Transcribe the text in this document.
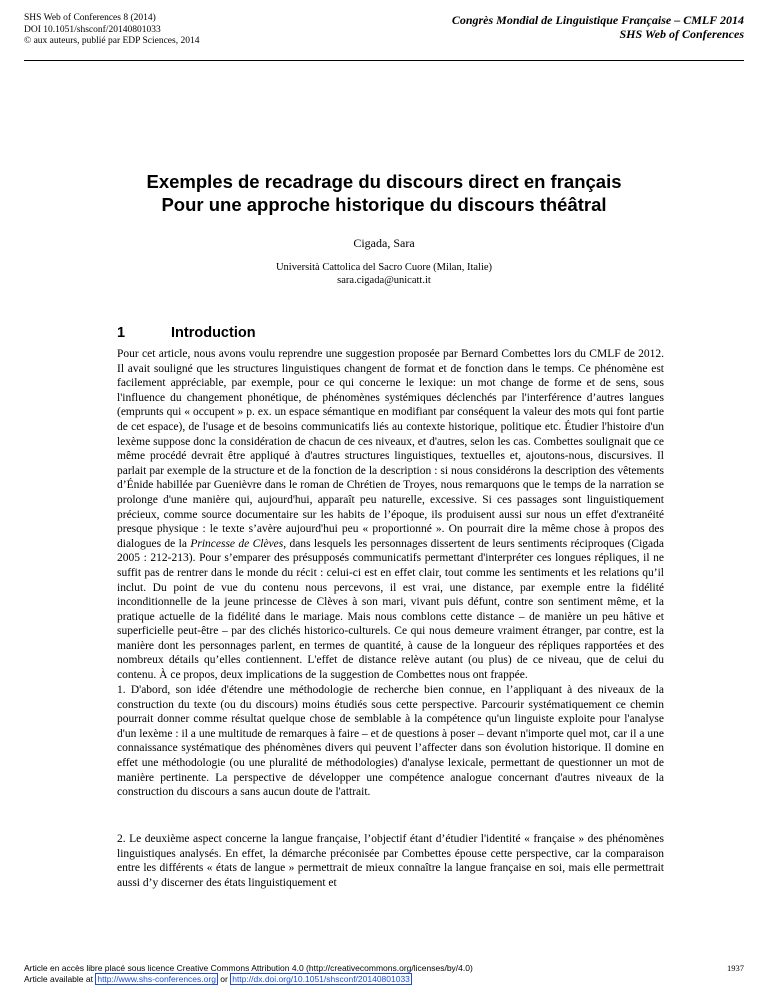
SHS Web of Conferences 8 (2014)
DOI 10.1051/shsconf/20140801033
© aux auteurs, publié par EDP Sciences, 2014
Congrès Mondial de Linguistique Française – CMLF 2014
SHS Web of Conferences
Exemples de recadrage du discours direct en français
Pour une approche historique du discours théâtral
Cigada, Sara
Università Cattolica del Sacro Cuore (Milan, Italie)
sara.cigada@unicatt.it
1	Introduction

Pour cet article, nous avons voulu reprendre une suggestion proposée par Bernard Combettes lors du CMLF de 2012. Il avait souligné que les structures linguistiques changent de format et de fonction dans le temps. Ce phénomène est facilement appréciable, par exemple, pour ce qui concerne le lexique: un mot change de forme et de sens, sous l'influence du changement phonétique, de phénomènes systémiques déclenchés par l'interférence d’autres langues (emprunts qui « occupent » p. ex. un espace sémantique en modifiant par conséquent la valeur des mots qui font partie de cet espace), de l'usage et de besoins communicatifs liés au contexte historique, politique etc. Étudier l'histoire d'un lexème suppose donc la considération de chacun de ces niveaux, et d'autres, selon les cas. Combettes soulignait que ce même procédé devrait être appliqué à d'autres structures linguistiques, textuelles et, ajoutons-nous, discursives. Il parlait par exemple de la structure et de la fonction de la description : si nous considérons la description des vêtements d’Énide habillée par Guenièvre dans le roman de Chrétien de Troyes, nous remarquons que le temps de la narration se prolonge d'une manière qui, aujourd'hui, apparaît peu naturelle, excessive. Si ces passages sont linguistiquement précieux, comme source documentaire sur les habits de l’époque, ils produisent aussi sur nous un effet d'extranéité presque physique : le texte s’avère aujourd'hui peu « proportionné ». On pourrait dire la même chose à propos des dialogues de la Princesse de Clèves, dans lesquels les personnages dissertent de leurs sentiments réciproques (Cigada 2005 : 212-213). Pour s’emparer des présupposés communicatifs permettant d'interpréter ces longues répliques, il ne suffit pas de rentrer dans le monde du récit : celui-ci est en effet clair, tout comme les sentiments et les relations qu’il inclut. Du point de vue du contenu nous percevons, il est vrai, une distance, par exemple entre la fidélité inconditionnelle de la jeune princesse de Clèves à son mari, vivant puis défunt, contre son sentiment même, et la pratique actuelle de la fidélité dans le mariage. Mais nous comblons cette distance – de manière un peu hâtive et superficielle peut-être – par des clichés historico-culturels. Ce qui nous demeure vraiment étranger, par contre, est la manière dont les personnages parlent, en termes de quantité, à cause de la longueur des répliques rapportées et des nombreux détails qu’elles contiennent. L'effet de distance relève autant (ou plus) de ce niveau, que de celui du contenu. À ce propos, deux implications de la suggestion de Combettes nous ont frappée.

1. D'abord, son idée d'étendre une méthodologie de recherche bien connue, en l’appliquant à des niveaux de la construction du texte (ou du discours) moins étudiés sous cette perspective. Parcourir systématiquement ce chemin pourrait donner comme résultat quelque chose de semblable à la compétence qu'un linguiste exploite pour l'analyse d'un lexème : il a une multitude de remarques à faire – et de questions à poser – devant n'importe quel mot, car il a une connaissance systématique des phénomènes divers qui peuvent l’affecter dans son évolution historique. Il domine en effet une méthodologie (ou une pluralité de méthodologies) d'analyse lexicale, permettant de questionner un mot de manière pertinente. La perspective de développer une compétence analogue concernant d'autres niveaux de la construction du discours a sans aucun doute de l'attrait.

2. Le deuxième aspect concerne la langue française, l’objectif étant d’étudier l'identité « française » des phénomènes linguistiques analysés. En effet, la démarche préconisée par Combettes épouse cette perspective, car la comparaison entre les différents « états de langue » permettrait de mieux connaître la langue française en soi, mais elle permettrait aussi d’y discerner des états linguistiquement et

Article en accès libre placé sous licence Creative Commons Attribution 4.0 (http://creativecommons.org/licenses/by/4.0)
Article available at http://www.shs-conferences.org or http://dx.doi.org/10.1051/shsconf/20140801033
1937
